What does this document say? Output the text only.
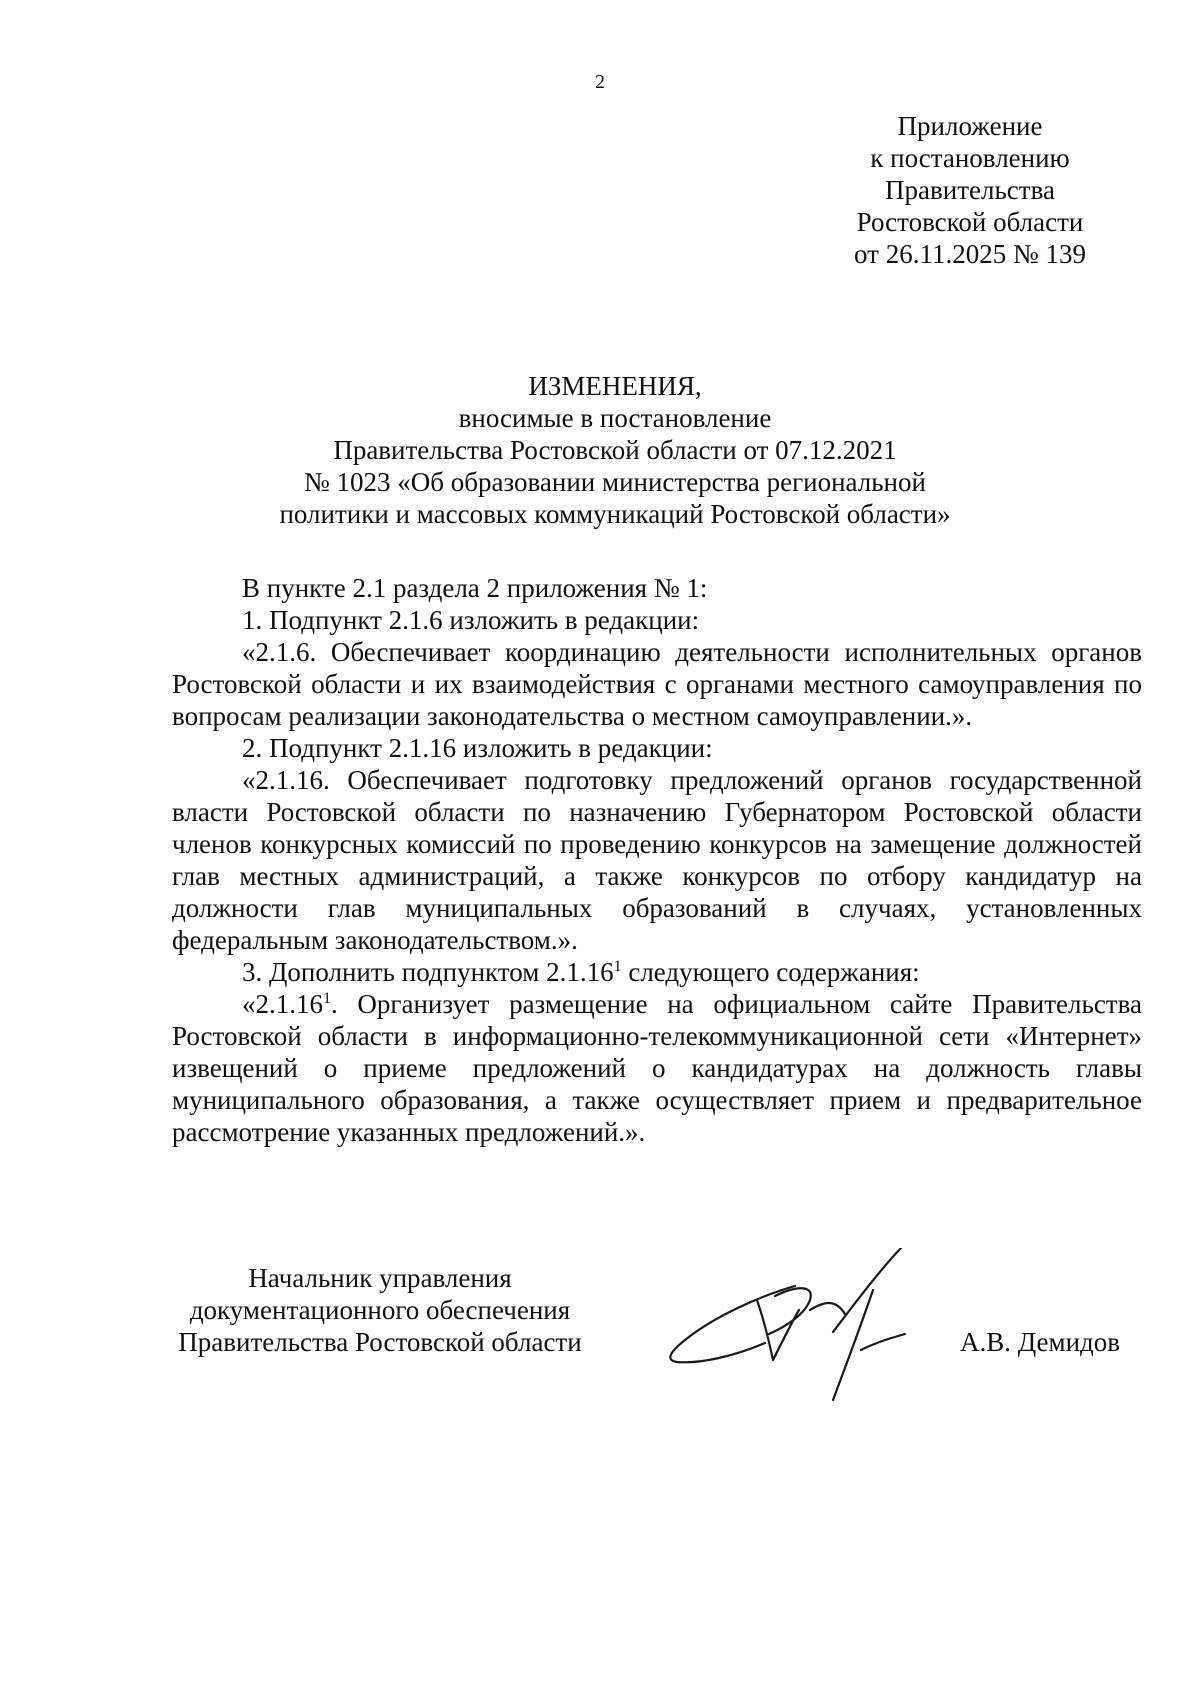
2
Приложение
к постановлению
Правительства
Ростовской области
от 26.11.2025 № 139
ИЗМЕНЕНИЯ,
вносимые в постановление
Правительства Ростовской области от 07.12.2021
№ 1023 «Об образовании министерства региональной
политики и массовых коммуникаций Ростовской области»

В пункте 2.1 раздела 2 приложения № 1:

1. Подпункт 2.1.6 изложить в редакции:

«2.1.6. Обеспечивает координацию деятельности исполнительных органов Ростовской области и их взаимодействия с органами местного самоуправления по вопросам реализации законодательства о местном самоуправлении.».

2. Подпункт 2.1.16 изложить в редакции:

«2.1.16. Обеспечивает подготовку предложений органов государственной власти Ростовской области по назначению Губернатором Ростовской области членов конкурсных комиссий по проведению конкурсов на замещение должностей глав местных администраций, а также конкурсов по отбору кандидатур на должности глав муниципальных образований в случаях, установленных федеральным законодательством.».

3. Дополнить подпунктом 2.1.16$^1$ следующего содержания:

«2.1.16$^1$. Организует размещение на официальном сайте Правительства Ростовской области в информационно-телекоммуникационной сети «Интернет» извещений о приеме предложений о кандидатурах на должность главы муниципального образования, а также осуществляет прием и предварительное рассмотрение указанных предложений.».

Начальник управления
документационного обеспечения
Правительства Ростовской области	А.В. Демидов
